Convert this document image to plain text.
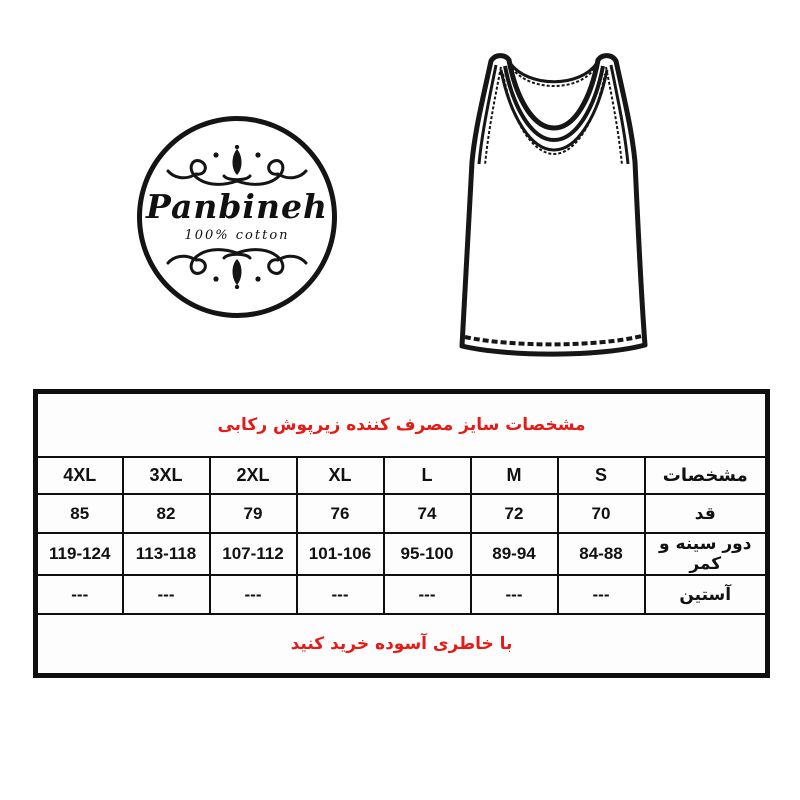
Panbineh
100% cotton
مشخصات سایز مصرف کننده زیرپوش رکابی							
4XL	3XL	2XL	XL	L	M	S	مشخصات
85	82	79	76	74	72	70	قد
119-124	113-118	107-112	101-106	95-100	89-94	84-88	دور سینه و کمر
---	---	---	---	---	---	---	آستین
با خاطری آسوده خرید کنید							
